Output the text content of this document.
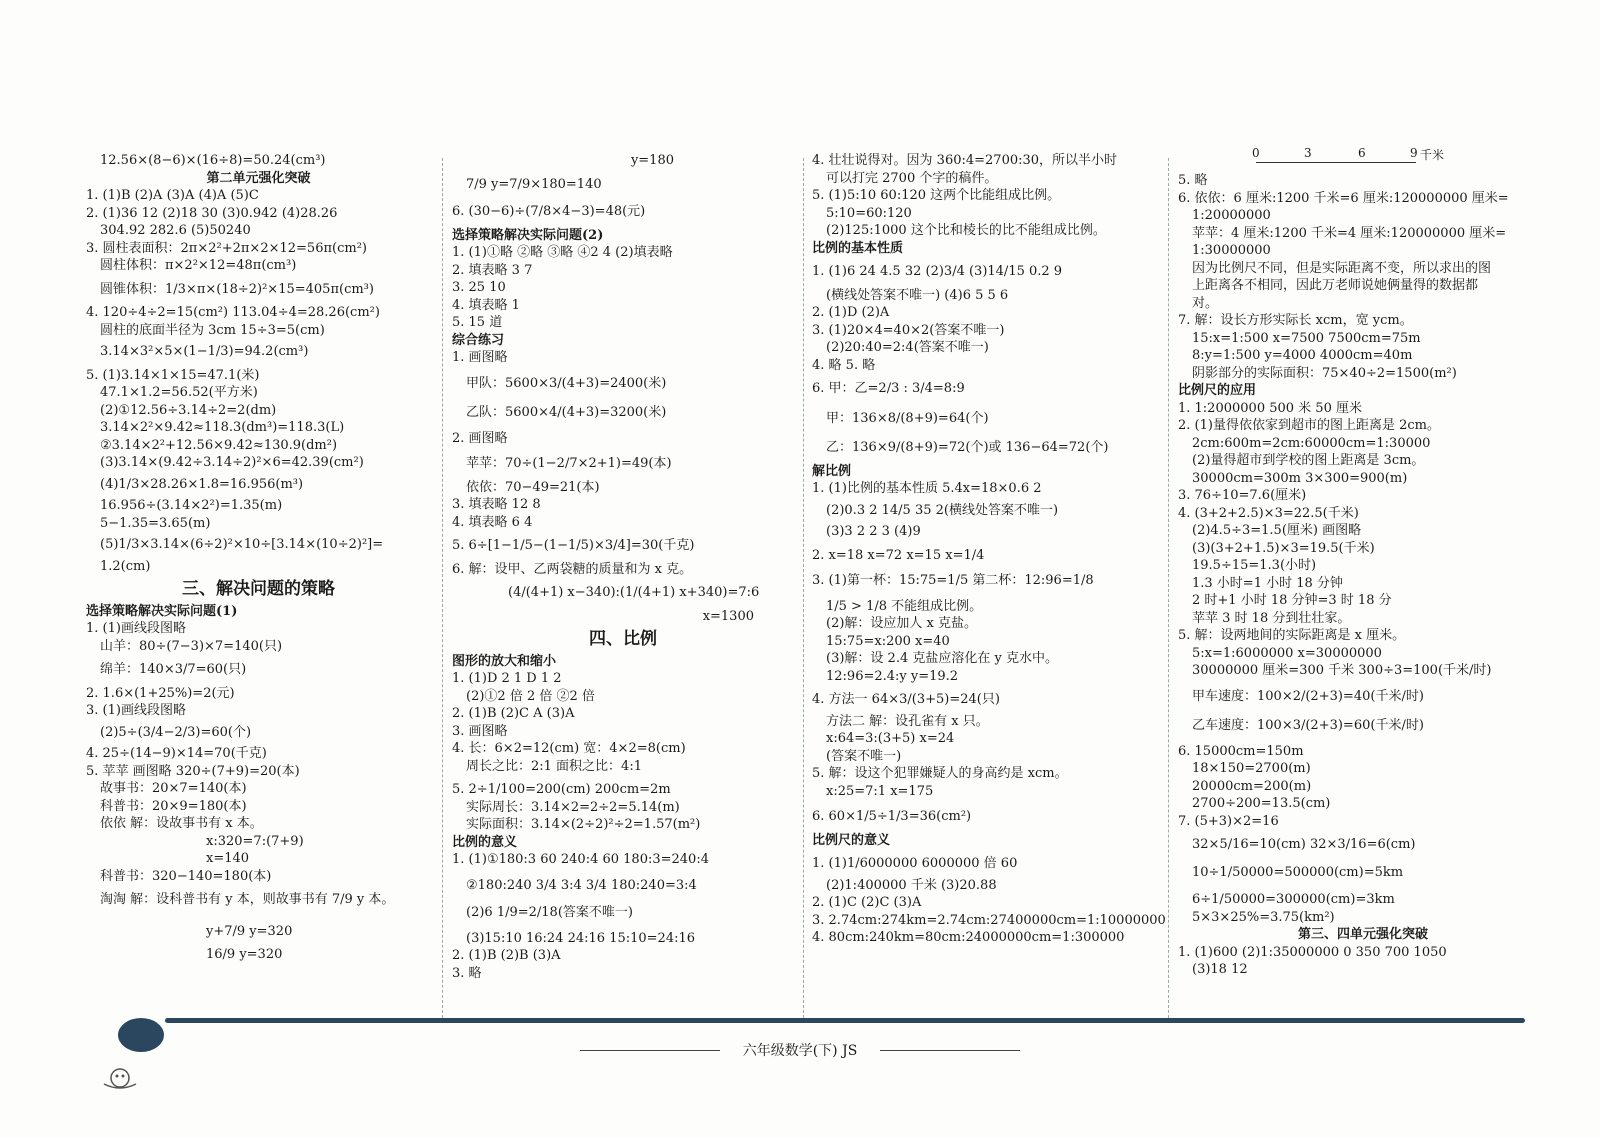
0	3	6	9 千米
12.56×(8−6)×(16÷8)=50.24(cm³)
第二单元强化突破
1. (1)B (2)A (3)A (4)A (5)C
2. (1)36 12 (2)18 30 (3)0.942 (4)28.26
304.92 282.6 (5)50240
3. 圆柱表面积：2π×2²+2π×2×12=56π(cm²)
圆柱体积：π×2²×12=48π(cm³)
圆锥体积：1/3×π×(18÷2)²×15=405π(cm³)
4. 120÷4÷2=15(cm²) 113.04÷4=28.26(cm²)
圆柱的底面半径为 3cm 15÷3=5(cm)
3.14×3²×5×(1−1/3)=94.2(cm³)
5. (1)3.14×1×15=47.1(米)
47.1×1.2=56.52(平方米)
(2)①12.56÷3.14÷2=2(dm)
3.14×2²×9.42≈118.3(dm³)=118.3(L)
②3.14×2²+12.56×9.42≈130.9(dm²)
(3)3.14×(9.42÷3.14÷2)²×6=42.39(cm²)
(4)1/3×28.26×1.8=16.956(m³)
16.956÷(3.14×2²)=1.35(m)
5−1.35=3.65(m)
(5)1/3×3.14×(6÷2)²×10÷[3.14×(10÷2)²]=
1.2(cm)
三、解决问题的策略
选择策略解决实际问题(1)
1. (1)画线段图略
山羊：80÷(7−3)×7=140(只)
绵羊：140×3/7=60(只)
2. 1.6×(1+25%)=2(元)
3. (1)画线段图略
(2)5÷(3/4−2/3)=60(个)
4. 25÷(14−9)×14=70(千克)
5. 苹苹 画图略 320÷(7+9)=20(本)
故事书：20×7=140(本)
科普书：20×9=180(本)
依依 解：设故事书有 x 本。
x:320=7:(7+9)
x=140
科普书：320−140=180(本)
淘淘 解：设科普书有 y 本，则故事书有 7/9 y 本。
y+7/9 y=320
16/9 y=320
y=180
7/9 y=7/9×180=140
6. (30−6)÷(7/8×4−3)=48(元)
选择策略解决实际问题(2)
1. (1)①略 ②略 ③略 ④2 4 (2)填表略
2. 填表略 3 7
3. 25 10
4. 填表略 1
5. 15 道
综合练习
1. 画图略
甲队：5600×3/(4+3)=2400(米)
乙队：5600×4/(4+3)=3200(米)
2. 画图略
苹苹：70÷(1−2/7×2+1)=49(本)
依依：70−49=21(本)
3. 填表略 12 8
4. 填表略 6 4
5. 6÷[1−1/5−(1−1/5)×3/4]=30(千克)
6. 解：设甲、乙两袋糖的质量和为 x 克。
(4/(4+1) x−340):(1/(4+1) x+340)=7:6
x=1300
四、比例
图形的放大和缩小
1. (1)D 2 1 D 1 2
(2)①2 倍 2 倍 ②2 倍
2. (1)B (2)C A (3)A
3. 画图略
4. 长：6×2=12(cm) 宽：4×2=8(cm)
周长之比：2:1 面积之比：4:1
5. 2÷1/100=200(cm) 200cm=2m
实际周长：3.14×2=2÷2=5.14(m)
实际面积：3.14×(2÷2)²÷2=1.57(m²)
比例的意义
1. (1)①180:3 60 240:4 60 180:3=240:4
②180:240 3/4 3:4 3/4 180:240=3:4
(2)6 1/9=2/18(答案不唯一)
(3)15:10 16:24 24:16 15:10=24:16
2. (1)B (2)B (3)A
3. 略
4. 壮壮说得对。因为 360:4=2700:30，所以半小时
可以打完 2700 个字的稿件。
5. (1)5:10 60:120 这两个比能组成比例。
5:10=60:120
(2)125:1000 这个比和棱长的比不能组成比例。
比例的基本性质
1. (1)6 24 4.5 32 (2)3/4 (3)14/15 0.2 9
(横线处答案不唯一) (4)6 5 5 6
2. (1)D (2)A
3. (1)20×4=40×2(答案不唯一)
(2)20:40=2:4(答案不唯一)
4. 略 5. 略
6. 甲：乙=2/3 : 3/4=8:9
甲：136×8/(8+9)=64(个)
乙：136×9/(8+9)=72(个)或 136−64=72(个)
解比例
1. (1)比例的基本性质 5.4x=18×0.6 2
(2)0.3 2 14/5 35 2(横线处答案不唯一)
(3)3 2 2 3 (4)9
2. x=18 x=72 x=15 x=1/4
3. (1)第一杯：15:75=1/5 第二杯：12:96=1/8
1/5 > 1/8 不能组成比例。
(2)解：设应加人 x 克盐。
15:75=x:200 x=40
(3)解：设 2.4 克盐应溶化在 y 克水中。
12:96=2.4:y y=19.2
4. 方法一 64×3/(3+5)=24(只)
方法二 解：设孔雀有 x 只。
x:64=3:(3+5) x=24
(答案不唯一)
5. 解：设这个犯罪嫌疑人的身高约是 xcm。
x:25=7:1 x=175
6. 60×1/5÷1/3=36(cm²)
比例尺的意义
1. (1)1/6000000 6000000 倍 60
(2)1:400000 千米 (3)20.88
2. (1)C (2)C (3)A
3. 2.74cm:274km=2.74cm:27400000cm=1:10000000
4. 80cm:240km=80cm:24000000cm=1:300000
5. 略
6. 依依：6 厘米:1200 千米=6 厘米:120000000 厘米=
1:20000000
苹苹：4 厘米:1200 千米=4 厘米:120000000 厘米=
1:30000000
因为比例尺不同，但是实际距离不变，所以求出的图
上距离各不相同，因此万老师说她俩量得的数据都
对。
7. 解：设长方形实际长 xcm，宽 ycm。
15:x=1:500 x=7500 7500cm=75m
8:y=1:500 y=4000 4000cm=40m
阴影部分的实际面积：75×40÷2=1500(m²)
比例尺的应用
1. 1:2000000 500 米 50 厘米
2. (1)量得依依家到超市的图上距离是 2cm。
2cm:600m=2cm:60000cm=1:30000
(2)量得超市到学校的图上距离是 3cm。
30000cm=300m 3×300=900(m)
3. 76÷10=7.6(厘米)
4. (3+2+2.5)×3=22.5(千米)
(2)4.5÷3=1.5(厘米) 画图略
(3)(3+2+1.5)×3=19.5(千米)
19.5÷15=1.3(小时)
1.3 小时=1 小时 18 分钟
2 时+1 小时 18 分钟=3 时 18 分
苹苹 3 时 18 分到壮壮家。
5. 解：设两地间的实际距离是 x 厘米。
5:x=1:6000000 x=30000000
30000000 厘米=300 千米 300÷3=100(千米/时)
甲车速度：100×2/(2+3)=40(千米/时)
乙车速度：100×3/(2+3)=60(千米/时)
6. 15000cm=150m
18×150=2700(m)
20000cm=200(m)
2700÷200=13.5(cm)
7. (5+3)×2=16
32×5/16=10(cm) 32×3/16=6(cm)
10÷1/50000=500000(cm)=5km
6÷1/50000=300000(cm)=3km
5×3×25%=3.75(km²)
第三、四单元强化突破
1. (1)600 (2)1:35000000 0 350 700 1050
(3)18 12
六年级数学(下) JS
